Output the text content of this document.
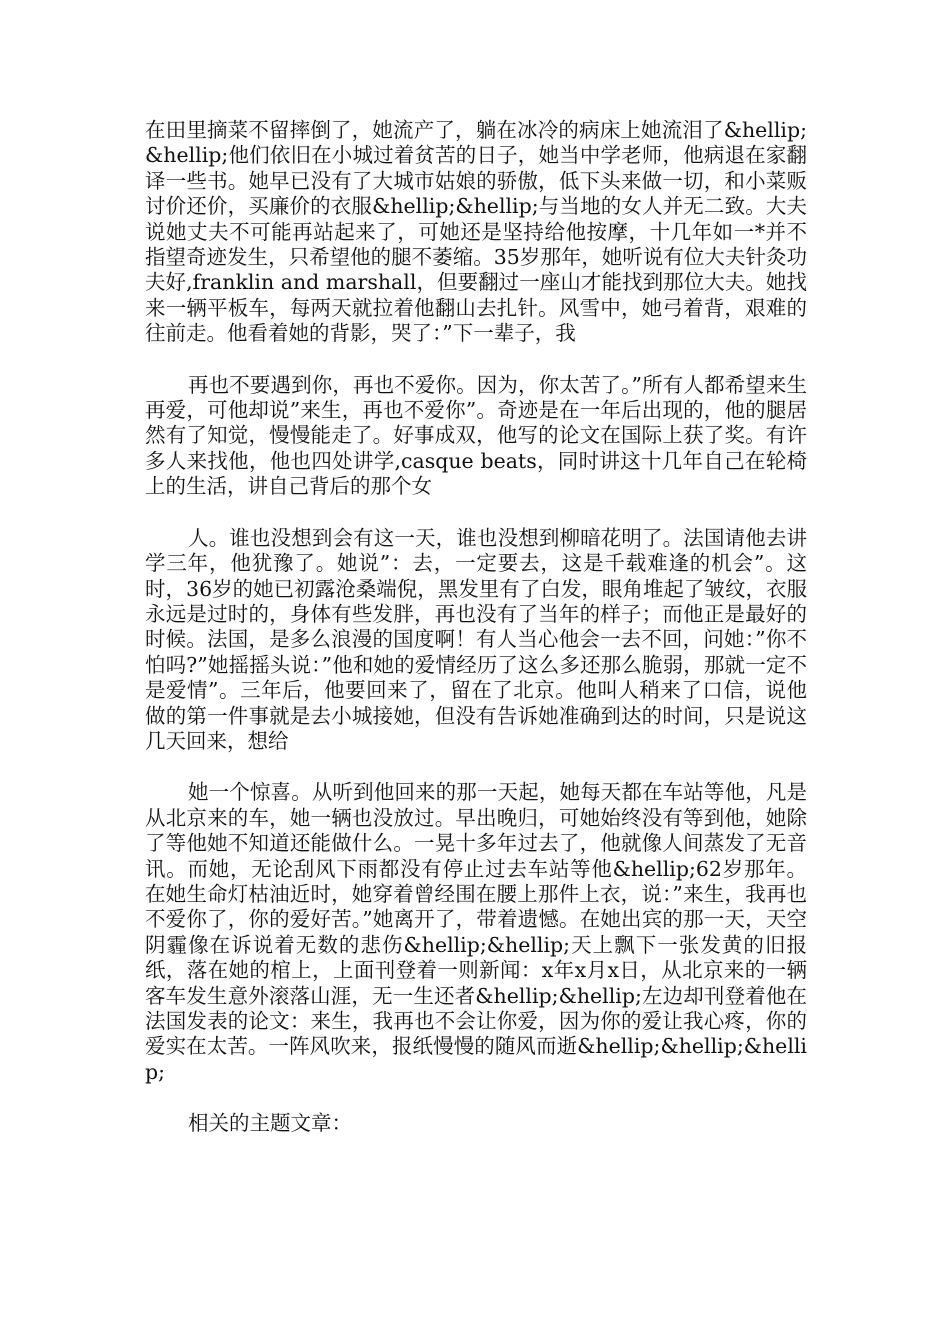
在田里摘菜不留摔倒了，她流产了，躺在冰冷的病床上她流泪了&hellip;&hellip;他们依旧在小城过着贫苦的日子，她当中学老师，他病退在家翻译一些书。她早已没有了大城市姑娘的骄傲，低下头来做一切，和小菜贩讨价还价，买廉价的衣服&hellip;&hellip;与当地的女人并无二致。大夫说她丈夫不可能再站起来了，可她还是坚持给他按摩，十几年如一*并不指望奇迹发生，只希望他的腿不萎缩。35岁那年，她听说有位大夫针灸功夫好,franklin and marshall，但要翻过一座山才能找到那位大夫。她找来一辆平板车，每两天就拉着他翻山去扎针。风雪中，她弓着背，艰难的往前走。他看着她的背影，哭了：”下一辈子，我

再也不要遇到你，再也不爱你。因为，你太苦了。”所有人都希望来生再爱，可他却说”来生，再也不爱你”。奇迹是在一年后出现的，他的腿居然有了知觉，慢慢能走了。好事成双，他写的论文在国际上获了奖。有许多人来找他，他也四处讲学,casque beats，同时讲这十几年自己在轮椅上的生活，讲自己背后的那个女

人。谁也没想到会有这一天，谁也没想到柳暗花明了。法国请他去讲学三年，他犹豫了。她说”：去，一定要去，这是千载难逢的机会”。这时，36岁的她已初露沧桑端倪，黑发里有了白发，眼角堆起了皱纹，衣服永远是过时的，身体有些发胖，再也没有了当年的样子；而他正是最好的时候。法国，是多么浪漫的国度啊！有人当心他会一去不回，问她：”你不怕吗?”她摇摇头说：”他和她的爱情经历了这么多还那么脆弱，那就一定不是爱情”。三年后，他要回来了，留在了北京。他叫人稍来了口信，说他做的第一件事就是去小城接她，但没有告诉她准确到达的时间，只是说这几天回来，想给

她一个惊喜。从听到他回来的那一天起，她每天都在车站等他，凡是从北京来的车，她一辆也没放过。早出晚归，可她始终没有等到他，她除了等他她不知道还能做什么。一晃十多年过去了，他就像人间蒸发了无音讯。而她，无论刮风下雨都没有停止过去车站等他&hellip;62岁那年。在她生命灯枯油近时，她穿着曾经围在腰上那件上衣，说：”来生，我再也不爱你了，你的爱好苦。”她离开了，带着遗憾。在她出宾的那一天，天空阴霾像在诉说着无数的悲伤&hellip;&hellip;天上飘下一张发黄的旧报纸，落在她的棺上，上面刊登着一则新闻：x年x月x日，从北京来的一辆客车发生意外滚落山涯，无一生还者&hellip;&hellip;左边却刊登着他在法国发表的论文：来生，我再也不会让你爱，因为你的爱让我心疼，你的爱实在太苦。一阵风吹来，报纸慢慢的随风而逝&hellip;&hellip;&hellip;

相关的主题文章：
